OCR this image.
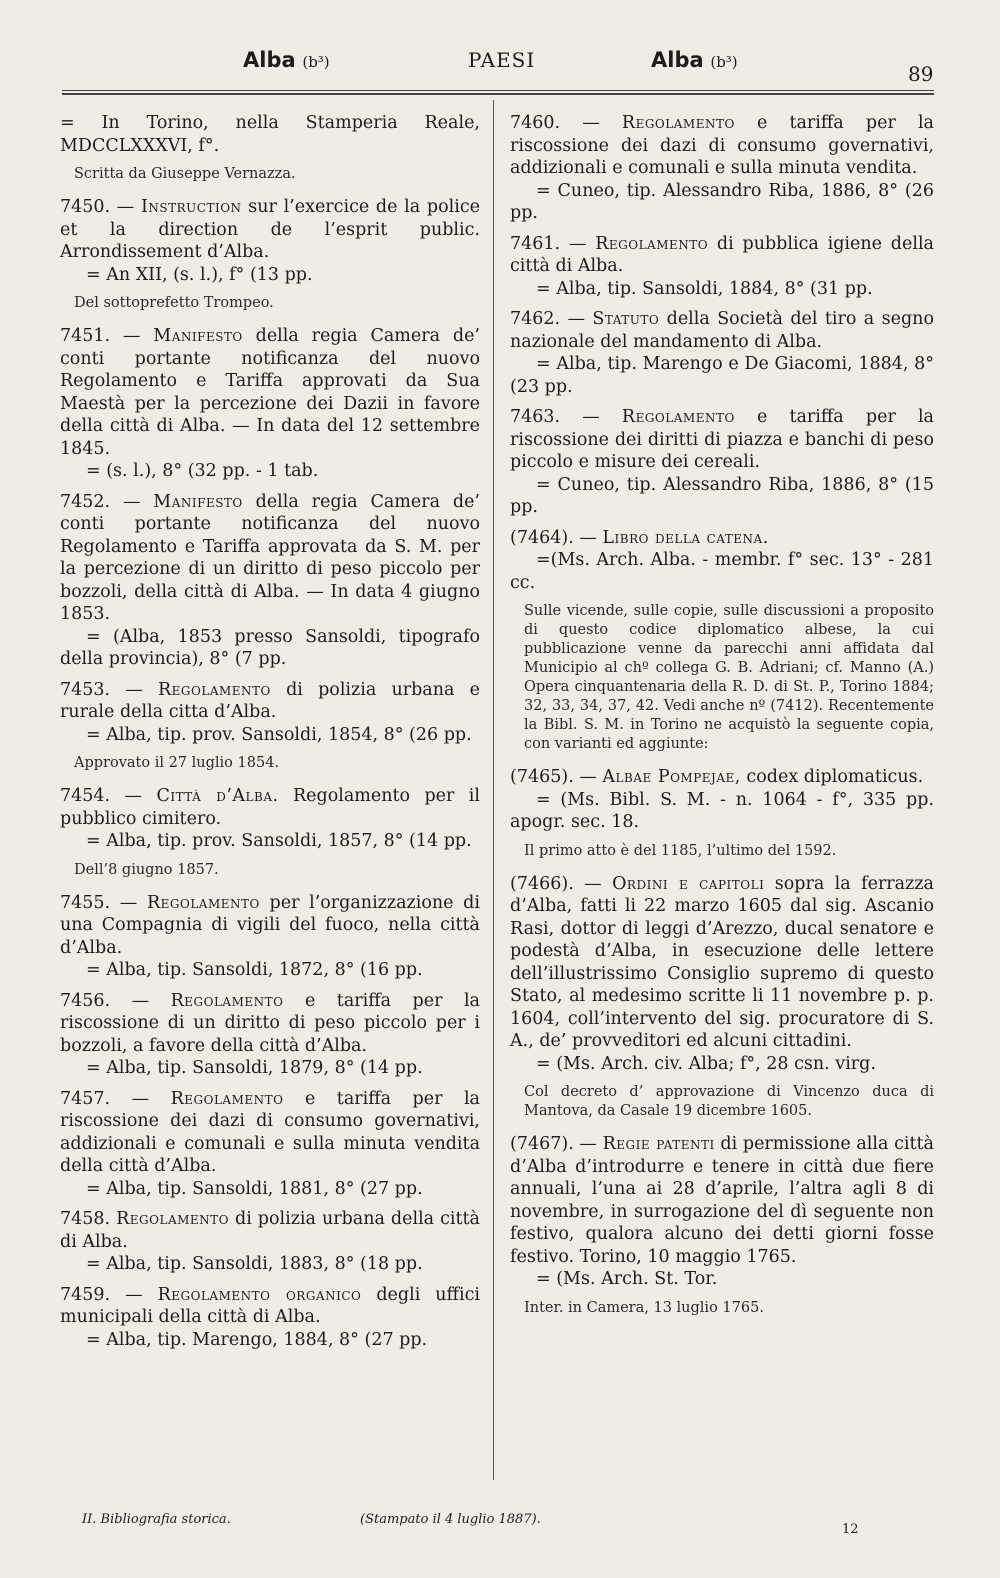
Alba (b³)	PAESI	Alba (b³)	89
= In Torino, nella Stamperia Reale, MDCCLXXXVI, f°.
Scritta da Giuseppe Vernazza.
7450. — Instruction sur l’exercice de la police et la direction de l’esprit public. Arrondissement d’Alba.
= An XII, (s. l.), f° (13 pp.
Del sottoprefetto Trompeo.
7451. — Manifesto della regia Camera de’ conti portante notificanza del nuovo Regolamento e Tariffa approvati da Sua Maestà per la percezione dei Dazii in favore della città di Alba. — In data del 12 settembre 1845.
= (s. l.), 8° (32 pp. - 1 tab.
7452. — Manifesto della regia Camera de’ conti portante notificanza del nuovo Regolamento e Tariffa approvata da S. M. per la percezione di un diritto di peso piccolo per bozzoli, della città di Alba. — In data 4 giugno 1853.
= (Alba, 1853 presso Sansoldi, tipografo della provincia), 8° (7 pp.
7453. — Regolamento di polizia urbana e rurale della citta d’Alba.
= Alba, tip. prov. Sansoldi, 1854, 8° (26 pp.
Approvato il 27 luglio 1854.
7454. — Città d’Alba. Regolamento per il pubblico cimitero.
= Alba, tip. prov. Sansoldi, 1857, 8° (14 pp.
Dell’8 giugno 1857.
7455. — Regolamento per l’organizzazione di una Compagnia di vigili del fuoco, nella città d’Alba.
= Alba, tip. Sansoldi, 1872, 8° (16 pp.
7456. — Regolamento e tariffa per la riscossione di un diritto di peso piccolo per i bozzoli, a favore della città d’Alba.
= Alba, tip. Sansoldi, 1879, 8° (14 pp.
7457. — Regolamento e tariffa per la riscossione dei dazi di consumo governativi, addizionali e comunali e sulla minuta vendita della città d’Alba.
= Alba, tip. Sansoldi, 1881, 8° (27 pp.
7458. Regolamento di polizia urbana della città di Alba.
= Alba, tip. Sansoldi, 1883, 8° (18 pp.
7459. — Regolamento organico degli uffici municipali della città di Alba.
= Alba, tip. Marengo, 1884, 8° (27 pp.
7460. — Regolamento e tariffa per la riscossione dei dazi di consumo governativi, addizionali e comunali e sulla minuta vendita.
= Cuneo, tip. Alessandro Riba, 1886, 8° (26 pp.
7461. — Regolamento di pubblica igiene della città di Alba.
= Alba, tip. Sansoldi, 1884, 8° (31 pp.
7462. — Statuto della Società del tiro a segno nazionale del mandamento di Alba.
= Alba, tip. Marengo e De Giacomi, 1884, 8° (23 pp.
7463. — Regolamento e tariffa per la riscossione dei diritti di piazza e banchi di peso piccolo e misure dei cereali.
= Cuneo, tip. Alessandro Riba, 1886, 8° (15 pp.
(7464). — Libro della catena.
=(Ms. Arch. Alba. - membr. f° sec. 13° - 281 cc.
Sulle vicende, sulle copie, sulle discussioni a proposito di questo codice diplomatico albese, la cui pubblicazione venne da parecchi anni affidata dal Municipio al chº collega G. B. Adriani; cf. Manno (A.) Opera cinquantenaria della R. D. di St. P., Torino 1884; 32, 33, 34, 37, 42. Vedi anche nº (7412). Recentemente la Bibl. S. M. in Torino ne acquistò la seguente copia, con varianti ed aggiunte:
(7465). — Albae Pompejae, codex diplomaticus.
= (Ms. Bibl. S. M. - n. 1064 - f°, 335 pp. apogr. sec. 18.
Il primo atto è del 1185, l’ultimo del 1592.
(7466). — Ordini e capitoli sopra la ferrazza d’Alba, fatti li 22 marzo 1605 dal sig. Ascanio Rasi, dottor di leggi d’Arezzo, ducal senatore e podestà d’Alba, in esecuzione delle lettere dell’illustrissimo Consiglio supremo di questo Stato, al medesimo scritte li 11 novembre p. p. 1604, coll’intervento del sig. procuratore di S. A., de’ provveditori ed alcuni cittadini.
= (Ms. Arch. civ. Alba; f°, 28 csn. virg.
Col decreto d’ approvazione di Vincenzo duca di Mantova, da Casale 19 dicembre 1605.
(7467). — Regie patenti di permissione alla città d’Alba d’introdurre e tenere in città due fiere annuali, l’una ai 28 d’aprile, l’altra agli 8 di novembre, in surrogazione del dì seguente non festivo, qualora alcuno dei detti giorni fosse festivo. Torino, 10 maggio 1765.
= (Ms. Arch. St. Tor.
Inter. in Camera, 13 luglio 1765.
II. Bibliografia storica.	(Stampato il 4 luglio 1887).
12
